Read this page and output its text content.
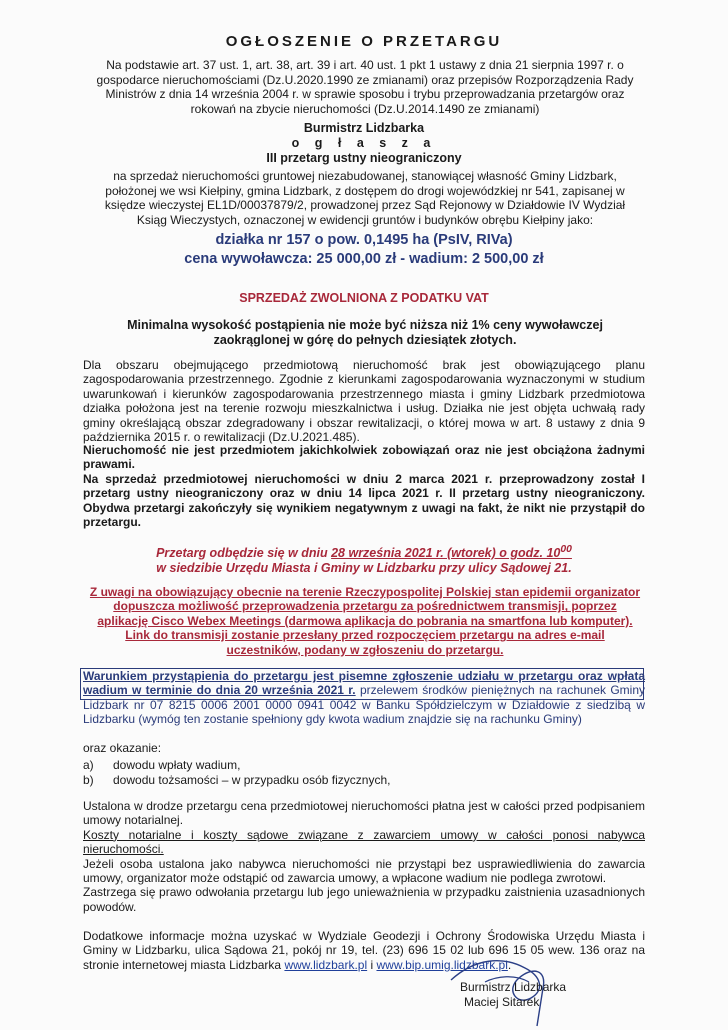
OGŁOSZENIE O PRZETARGU

Na podstawie art. 37 ust. 1, art. 38, art. 39 i art. 40 ust. 1 pkt 1 ustawy z dnia 21 sierpnia 1997 r. o gospodarce nieruchomościami (Dz.U.2020.1990 ze zmianami) oraz przepisów Rozporządzenia Rady Ministrów z dnia 14 września 2004 r. w sprawie sposobu i trybu przeprowadzania przetargów oraz rokowań na zbycie nieruchomości (Dz.U.2014.1490 ze zmianami)

Burmistrz Lidzbarka

o g ł a s z a

III przetarg ustny nieograniczony

na sprzedaż nieruchomości gruntowej niezabudowanej, stanowiącej własność Gminy Lidzbark, położonej we wsi Kiełpiny, gmina Lidzbark, z dostępem do drogi wojewódzkiej nr 541, zapisanej w księdze wieczystej EL1D/00037879/2, prowadzonej przez Sąd Rejonowy w Działdowie IV Wydział Ksiąg Wieczystych, oznaczonej w ewidencji gruntów i budynków obrębu Kiełpiny jako:

działka nr 157 o pow. 0,1495 ha (PsIV, RIVa)

cena wywoławcza: 25 000,00 zł - wadium: 2 500,00 zł

SPRZEDAŻ ZWOLNIONA Z PODATKU VAT

Minimalna wysokość postąpienia nie może być niższa niż 1% ceny wywoławczej zaokrąglonej w górę do pełnych dziesiątek złotych.

Dla obszaru obejmującego przedmiotową nieruchomość brak jest obowiązującego planu zagospodarowania przestrzennego. Zgodnie z kierunkami zagospodarowania wyznaczonymi w studium uwarunkowań i kierunków zagospodarowania przestrzennego miasta i gminy Lidzbark przedmiotowa działka położona jest na terenie rozwoju mieszkalnictwa i usług. Działka nie jest objęta uchwałą rady gminy określającą obszar zdegradowany i obszar rewitalizacji, o której mowa w art. 8 ustawy z dnia 9 października 2015 r. o rewitalizacji (Dz.U.2021.485).

Nieruchomość nie jest przedmiotem jakichkolwiek zobowiązań oraz nie jest obciążona żadnymi prawami.
Na sprzedaż przedmiotowej nieruchomości w dniu 2 marca 2021 r. przeprowadzony został I przetarg ustny nieograniczony oraz w dniu 14 lipca 2021 r. II przetarg ustny nieograniczony. Obydwa przetargi zakończyły się wynikiem negatywnym z uwagi na fakt, że nikt nie przystąpił do przetargu.
Przetarg odbędzie się w dniu 28 września 2021 r. (wtorek) o godz. $10^{00}$
w siedzibie Urzędu Miasta i Gminy w Lidzbarku przy ulicy Sądowej 21.

Z uwagi na obowiązujący obecnie na terenie Rzeczypospolitej Polskiej stan epidemii organizator dopuszcza możliwość przeprowadzenia przetargu za pośrednictwem transmisji, poprzez aplikację Cisco Webex Meetings (darmowa aplikacja do pobrania na smartfona lub komputer). Link do transmisji zostanie przesłany przed rozpoczęciem przetargu na adres e-mail uczestników, podany w zgłoszeniu do przetargu.

Warunkiem przystąpienia do przetargu jest pisemne zgłoszenie udziału w przetargu oraz wpłata wadium w terminie do dnia 20 września 2021 r. przelewem środków pieniężnych na rachunek Gminy Lidzbark nr 07 8215 0006 2001 0000 0941 0042 w Banku Spółdzielczym w Działdowie z siedzibą w Lidzbarku (wymóg ten zostanie spełniony gdy kwota wadium znajdzie się na rachunku Gminy)

oraz okazanie:

a)	dowodu wpłaty wadium,
b)	dowodu tożsamości – w przypadku osób fizycznych,
Ustalona w drodze przetargu cena przedmiotowej nieruchomości płatna jest w całości przed podpisaniem umowy notarialnej.
Koszty notarialne i koszty sądowe związane z zawarciem umowy w całości ponosi nabywca nieruchomości.
Jeżeli osoba ustalona jako nabywca nieruchomości nie przystąpi bez usprawiedliwienia do zawarcia umowy, organizator może odstąpić od zawarcia umowy, a wpłacone wadium nie podlega zwrotowi.
Zastrzega się prawo odwołania przetargu lub jego unieważnienia w przypadku zaistnienia uzasadnionych powodów.

Dodatkowe informacje można uzyskać w Wydziale Geodezji i Ochrony Środowiska Urzędu Miasta i Gminy w Lidzbarku, ulica Sądowa 21, pokój nr 19, tel. (23) 696 15 02 lub 696 15 05 wew. 136 oraz na stronie internetowej miasta Lidzbarka www.lidzbark.pl i www.bip.umig.lidzbark.pl.

Burmistrz Lidzbarka

Maciej Sitarek
